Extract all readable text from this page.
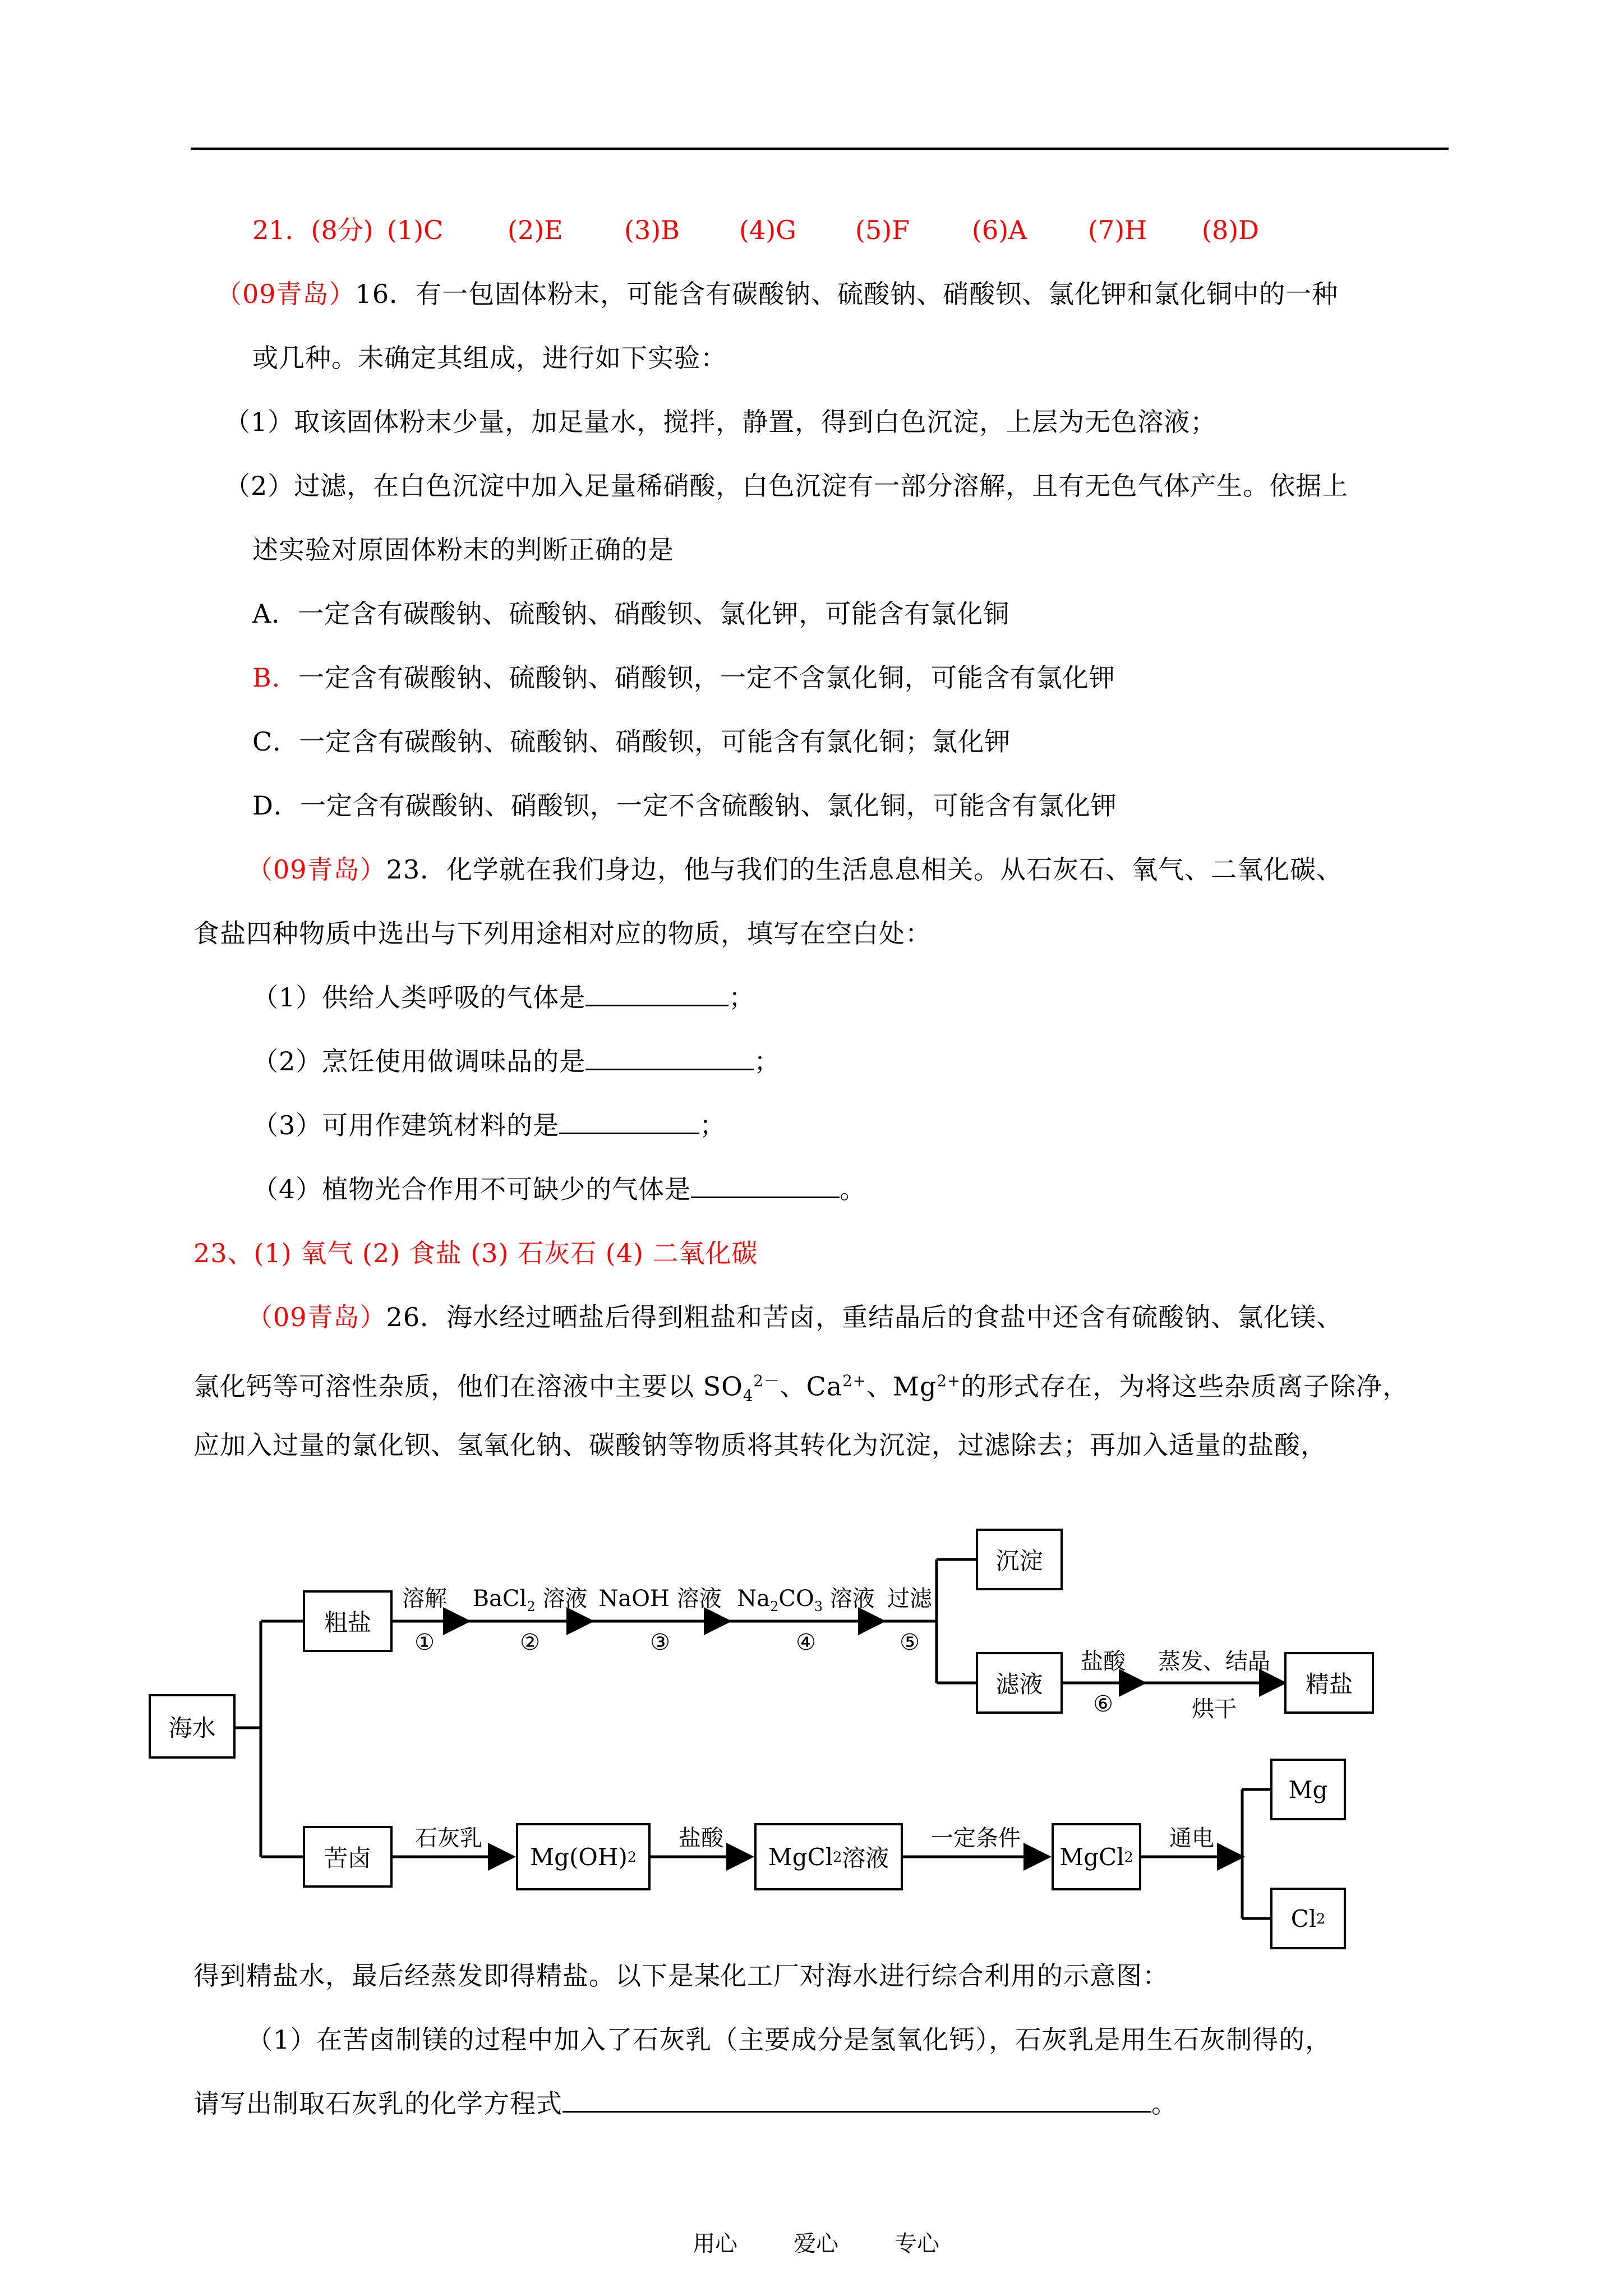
21．(8分) (1)C (2)E (3)B (4)G (5)F (6)A (7)H (8)D
（09青岛）16．有一包固体粉末，可能含有碳酸钠、硫酸钠、硝酸钡、氯化钾和氯化铜中的一种
或几种。未确定其组成，进行如下实验：
（1）取该固体粉末少量，加足量水，搅拌，静置，得到白色沉淀，上层为无色溶液；
（2）过滤，在白色沉淀中加入足量稀硝酸，白色沉淀有一部分溶解，且有无色气体产生。依据上
述实验对原固体粉末的判断正确的是
A．一定含有碳酸钠、硫酸钠、硝酸钡、氯化钾，可能含有氯化铜
B．一定含有碳酸钠、硫酸钠、硝酸钡，一定不含氯化铜，可能含有氯化钾
C．一定含有碳酸钠、硫酸钠、硝酸钡，可能含有氯化铜；氯化钾
D．一定含有碳酸钠、硝酸钡，一定不含硫酸钠、氯化铜，可能含有氯化钾
（09青岛）23．化学就在我们身边，他与我们的生活息息相关。从石灰石、氧气、二氧化碳、
食盐四种物质中选出与下列用途相对应的物质，填写在空白处：
（1）供给人类呼吸的气体是	；
（2）烹饪使用做调味品的是	；
（3）可用作建筑材料的是	；
（4）植物光合作用不可缺少的气体是	。
23、(1) 氧气 (2) 食盐 (3) 石灰石 (4) 二氧化碳
（09青岛）26．海水经过晒盐后得到粗盐和苦卤，重结晶后的食盐中还含有硫酸钠、氯化镁、
氯化钙等可溶性杂质，他们在溶液中主要以 $SO_4^{2-}$、$Ca^{2+}$、$Mg^{2+}$的形式存在，为将这些杂质离子除净，
应加入过量的氯化钡、氢氧化钠、碳酸钠等物质将其转化为沉淀，过滤除去；再加入适量的盐酸，
海水
粗盐
苦卤
沉淀
滤液	精盐
Mg(OH) 2	MgCl 2 溶液	MgCl 2
Mg
Cl 2
溶解
①
BaCl$_2$ 溶液
②
NaOH 溶液
③
$Na_2CO_3$ 溶液
④
过滤
⑤
盐酸
⑥
蒸发、结晶
烘干
石灰乳	盐酸	一定条件	通电
得到精盐水，最后经蒸发即得精盐。以下是某化工厂对海水进行综合利用的示意图：
（1）在苦卤制镁的过程中加入了石灰乳（主要成分是氢氧化钙），石灰乳是用生石灰制得的，
请写出制取石灰乳的化学方程式	。
用心	爱心	专心
